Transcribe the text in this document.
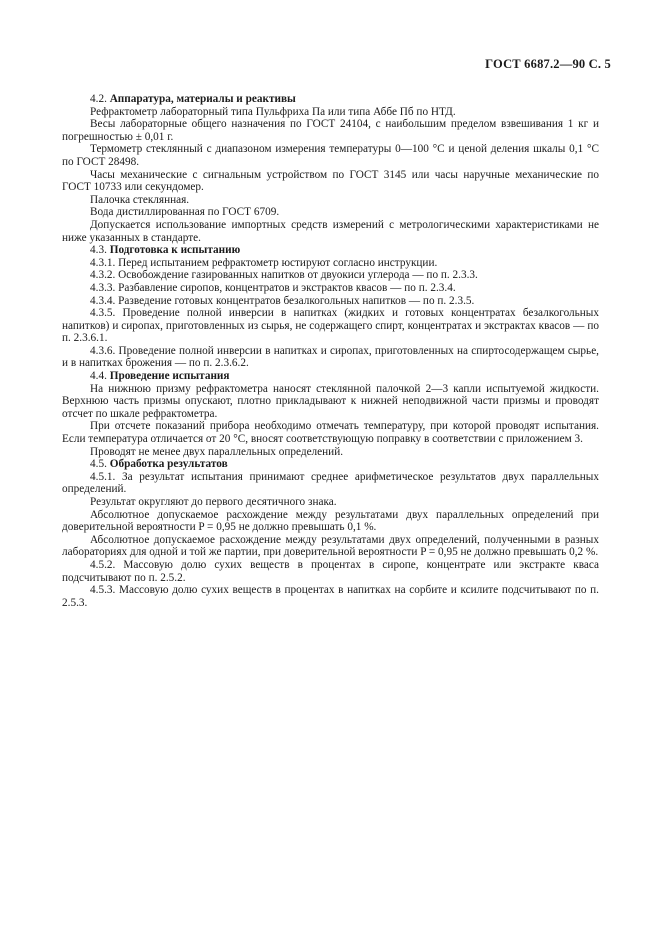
ГОСТ 6687.2—90 С. 5

4.2. Аппаратура, материалы и реактивы

Рефрактометр лабораторный типа Пульфриха Па или типа Аббе Пб по НТД.

Весы лабораторные общего назначения по ГОСТ 24104, с наибольшим пределом взвешивания 1 кг и погрешностью ± 0,01 г.

Термометр стеклянный с диапазоном измерения температуры 0—100 °С и ценой деления шкалы 0,1 °С по ГОСТ 28498.

Часы механические с сигнальным устройством по ГОСТ 3145 или часы наручные механические по ГОСТ 10733 или секундомер.

Палочка стеклянная.

Вода дистиллированная по ГОСТ 6709.

Допускается использование импортных средств измерений с метрологическими характеристиками не ниже указанных в стандарте.

4.3. Подготовка к испытанию

4.3.1. Перед испытанием рефрактометр юстируют согласно инструкции.

4.3.2. Освобождение газированных напитков от двуокиси углерода — по п. 2.3.3.

4.3.3. Разбавление сиропов, концентратов и экстрактов квасов — по п. 2.3.4.

4.3.4. Разведение готовых концентратов безалкогольных напитков — по п. 2.3.5.

4.3.5. Проведение полной инверсии в напитках (жидких и готовых концентратах безалкогольных напитков) и сиропах, приготовленных из сырья, не содержащего спирт, концентратах и экстрактах квасов — по п. 2.3.6.1.

4.3.6. Проведение полной инверсии в напитках и сиропах, приготовленных на спиртосодержащем сырье, и в напитках брожения — по п. 2.3.6.2.

4.4. Проведение испытания

На нижнюю призму рефрактометра наносят стеклянной палочкой 2—3 капли испытуемой жидкости. Верхнюю часть призмы опускают, плотно прикладывают к нижней неподвижной части призмы и проводят отсчет по шкале рефрактометра.

При отсчете показаний прибора необходимо отмечать температуру, при которой проводят испытания. Если температура отличается от 20 °С, вносят соответствующую поправку в соответствии с приложением 3.

Проводят не менее двух параллельных определений.

4.5. Обработка результатов

4.5.1. За результат испытания принимают среднее арифметическое результатов двух параллельных определений.

Результат округляют до первого десятичного знака.

Абсолютное допускаемое расхождение между результатами двух параллельных определений при доверительной вероятности P = 0,95 не должно превышать 0,1 %.

Абсолютное допускаемое расхождение между результатами двух определений, полученными в разных лабораториях для одной и той же партии, при доверительной вероятности P = 0,95 не должно превышать 0,2 %.

4.5.2. Массовую долю сухих веществ в процентах в сиропе, концентрате или экстракте кваса подсчитывают по п. 2.5.2.

4.5.3. Массовую долю сухих веществ в процентах в напитках на сорбите и ксилите подсчитывают по п. 2.5.3.
